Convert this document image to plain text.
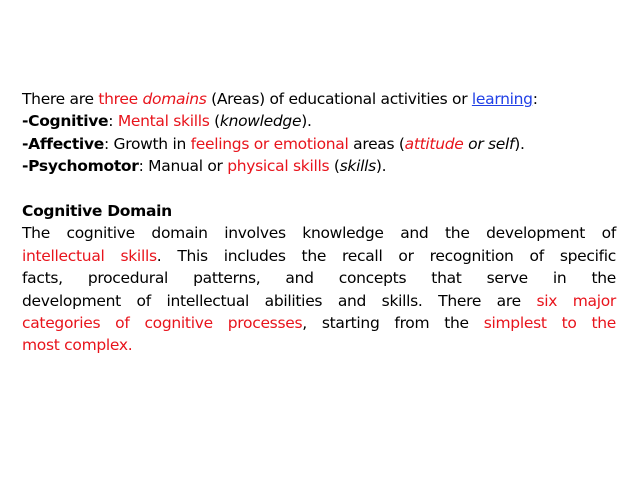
There are three domains (Areas) of educational activities or learning:
-Cognitive: Mental skills (knowledge).
-Affective: Growth in feelings or emotional areas (attitude or self).
-Psychomotor: Manual or physical skills (skills).
Cognitive Domain
The cognitive domain involves knowledge and the development of
intellectual skills. This includes the recall or recognition of specific
facts, procedural patterns, and concepts that serve in the
development of intellectual abilities and skills. There are six major
categories of cognitive processes, starting from the simplest to the
most complex.
